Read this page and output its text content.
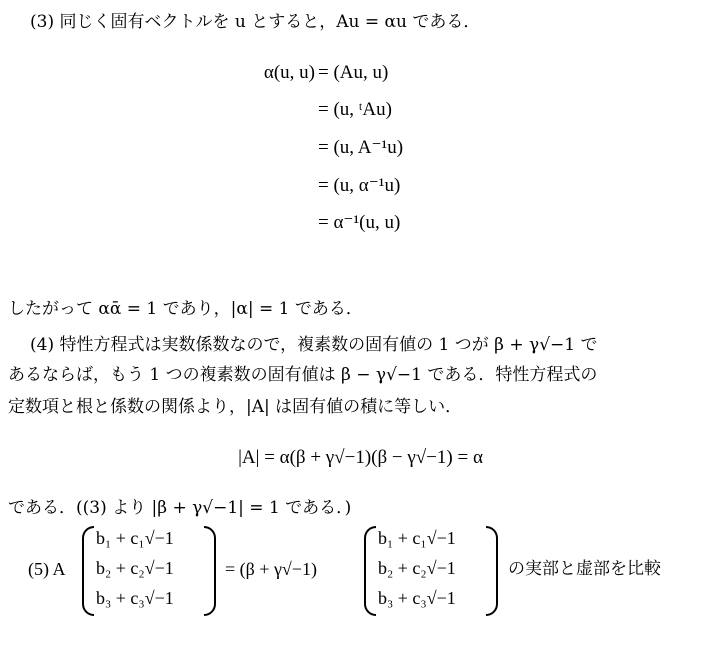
(3) 同じく固有ベクトルを u とすると，Au = αu である．
α(u, u) = (Au, u)
= (u, ᵗAu)
= (u, A⁻¹u)
= (u, α⁻¹u)
= α⁻¹(u, u)
したがって αᾱ = 1 であり，|α| = 1 である．
(4) 特性方程式は実数係数なので，複素数の固有値の 1 つが β + γ√−1 で
あるならば，もう 1 つの複素数の固有値は β − γ√−1 である．特性方程式の
定数項と根と係数の関係より，|A| は固有値の積に等しい．
|A| = α(β + γ√−1)(β − γ√−1) = α
である．((3) より |β + γ√−1| = 1 である．)
(5) A
b₁ + c₁√−1
b₂ + c₂√−1
b₃ + c₃√−1
= (β + γ√−1)
b₁ + c₁√−1
b₂ + c₂√−1
b₃ + c₃√−1
の実部と虚部を比較
